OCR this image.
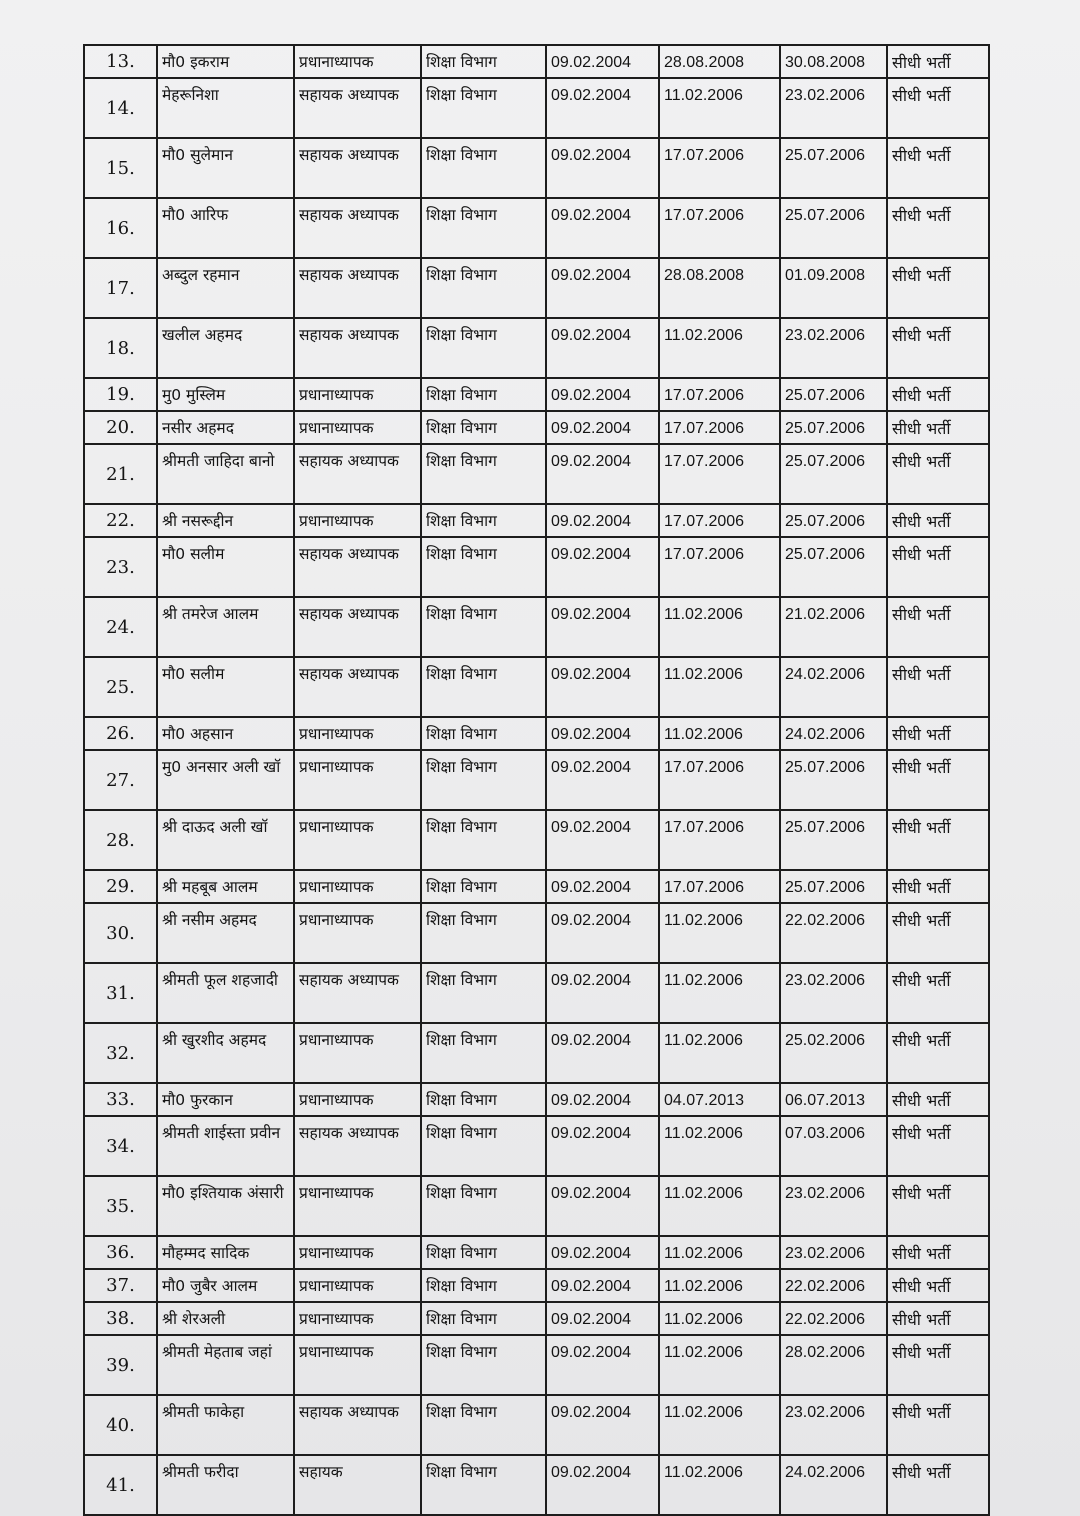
13.	मौ0 इकराम	प्रधानाध्यापक	शिक्षा विभाग	09.02.2004	28.08.2008	30.08.2008	सीधी भर्ती
14.	मेहरूनिशा	सहायक अध्यापक	शिक्षा विभाग	09.02.2004	11.02.2006	23.02.2006	सीधी भर्ती
15.	मौ0 सुलेमान	सहायक अध्यापक	शिक्षा विभाग	09.02.2004	17.07.2006	25.07.2006	सीधी भर्ती
16.	मौ0 आरिफ	सहायक अध्यापक	शिक्षा विभाग	09.02.2004	17.07.2006	25.07.2006	सीधी भर्ती
17.	अब्दुल रहमान	सहायक अध्यापक	शिक्षा विभाग	09.02.2004	28.08.2008	01.09.2008	सीधी भर्ती
18.	खलील अहमद	सहायक अध्यापक	शिक्षा विभाग	09.02.2004	11.02.2006	23.02.2006	सीधी भर्ती
19.	मु0 मुस्लिम	प्रधानाध्यापक	शिक्षा विभाग	09.02.2004	17.07.2006	25.07.2006	सीधी भर्ती
20.	नसीर अहमद	प्रधानाध्यापक	शिक्षा विभाग	09.02.2004	17.07.2006	25.07.2006	सीधी भर्ती
21.	श्रीमती जाहिदा बानो	सहायक अध्यापक	शिक्षा विभाग	09.02.2004	17.07.2006	25.07.2006	सीधी भर्ती
22.	श्री नसरूद्दीन	प्रधानाध्यापक	शिक्षा विभाग	09.02.2004	17.07.2006	25.07.2006	सीधी भर्ती
23.	मौ0 सलीम	सहायक अध्यापक	शिक्षा विभाग	09.02.2004	17.07.2006	25.07.2006	सीधी भर्ती
24.	श्री तमरेज आलम	सहायक अध्यापक	शिक्षा विभाग	09.02.2004	11.02.2006	21.02.2006	सीधी भर्ती
25.	मौ0 सलीम	सहायक अध्यापक	शिक्षा विभाग	09.02.2004	11.02.2006	24.02.2006	सीधी भर्ती
26.	मौ0 अहसान	प्रधानाध्यापक	शिक्षा विभाग	09.02.2004	11.02.2006	24.02.2006	सीधी भर्ती
27.	मु0 अनसार अली खॉ	प्रधानाध्यापक	शिक्षा विभाग	09.02.2004	17.07.2006	25.07.2006	सीधी भर्ती
28.	श्री दाऊद अली खॉ	प्रधानाध्यापक	शिक्षा विभाग	09.02.2004	17.07.2006	25.07.2006	सीधी भर्ती
29.	श्री महबूब आलम	प्रधानाध्यापक	शिक्षा विभाग	09.02.2004	17.07.2006	25.07.2006	सीधी भर्ती
30.	श्री नसीम अहमद	प्रधानाध्यापक	शिक्षा विभाग	09.02.2004	11.02.2006	22.02.2006	सीधी भर्ती
31.	श्रीमती फूल शहजादी	सहायक अध्यापक	शिक्षा विभाग	09.02.2004	11.02.2006	23.02.2006	सीधी भर्ती
32.	श्री खुरशीद अहमद	प्रधानाध्यापक	शिक्षा विभाग	09.02.2004	11.02.2006	25.02.2006	सीधी भर्ती
33.	मौ0 फुरकान	प्रधानाध्यापक	शिक्षा विभाग	09.02.2004	04.07.2013	06.07.2013	सीधी भर्ती
34.	श्रीमती शाईस्ता प्रवीन	सहायक अध्यापक	शिक्षा विभाग	09.02.2004	11.02.2006	07.03.2006	सीधी भर्ती
35.	मौ0 इश्तियाक अंसारी	प्रधानाध्यापक	शिक्षा विभाग	09.02.2004	11.02.2006	23.02.2006	सीधी भर्ती
36.	मौहम्मद सादिक	प्रधानाध्यापक	शिक्षा विभाग	09.02.2004	11.02.2006	23.02.2006	सीधी भर्ती
37.	मौ0 जुबैर आलम	प्रधानाध्यापक	शिक्षा विभाग	09.02.2004	11.02.2006	22.02.2006	सीधी भर्ती
38.	श्री शेरअली	प्रधानाध्यापक	शिक्षा विभाग	09.02.2004	11.02.2006	22.02.2006	सीधी भर्ती
39.	श्रीमती मेहताब जहां	प्रधानाध्यापक	शिक्षा विभाग	09.02.2004	11.02.2006	28.02.2006	सीधी भर्ती
40.	श्रीमती फाकेहा	सहायक अध्यापक	शिक्षा विभाग	09.02.2004	11.02.2006	23.02.2006	सीधी भर्ती
41.	श्रीमती फरीदा	सहायक	शिक्षा विभाग	09.02.2004	11.02.2006	24.02.2006	सीधी भर्ती
